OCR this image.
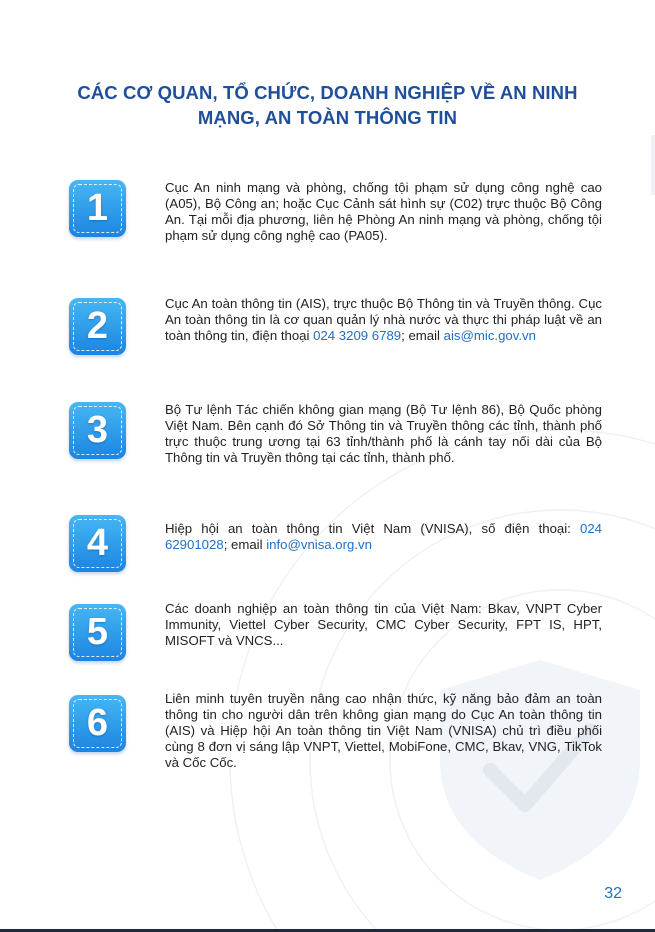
CÁC CƠ QUAN, TỔ CHỨC, DOANH NGHIỆP VỀ AN NINH
MẠNG, AN TOÀN THÔNG TIN
1	Cục An ninh mạng và phòng, chống tội phạm sử dụng công nghệ cao (A05), Bộ Công an; hoặc Cục Cảnh sát hình sự (C02) trực thuộc Bộ Công An. Tại mỗi địa phương, liên hệ Phòng An ninh mạng và phòng, chống tội phạm sử dụng công nghệ cao (PA05).
2
Cục An toàn thông tin (AIS), trực thuộc Bộ Thông tin và Truyền thông. Cục An toàn thông tin là cơ quan quản lý nhà nước và thực thi pháp luật về an toàn thông tin, điện thoại 024 3209 6789; email ais@mic.gov.vn
3	Bộ Tư lệnh Tác chiến không gian mạng (Bộ Tư lệnh 86), Bộ Quốc phòng Việt Nam. Bên cạnh đó Sở Thông tin và Truyền thông các tỉnh, thành phố trực thuộc trung ương tại 63 tỉnh/thành phố là cánh tay nối dài của Bộ Thông tin và Truyền thông tại các tỉnh, thành phố.
4	Hiệp hội an toàn thông tin Việt Nam (VNISA), số điện thoại: 024 62901028; email info@vnisa.org.vn
5
Các doanh nghiệp an toàn thông tin của Việt Nam: Bkav, VNPT Cyber Immunity, Viettel Cyber Security, CMC Cyber Security, FPT IS, HPT, MISOFT và VNCS...
6
Liên minh tuyên truyền nâng cao nhận thức, kỹ năng bảo đảm an toàn thông tin cho người dân trên không gian mạng do Cục An toàn thông tin (AIS) và Hiệp hội An toàn thông tin Việt Nam (VNISA) chủ trì điều phối cùng 8 đơn vị sáng lập VNPT, Viettel, MobiFone, CMC, Bkav, VNG, TikTok và Cốc Cốc.
32
